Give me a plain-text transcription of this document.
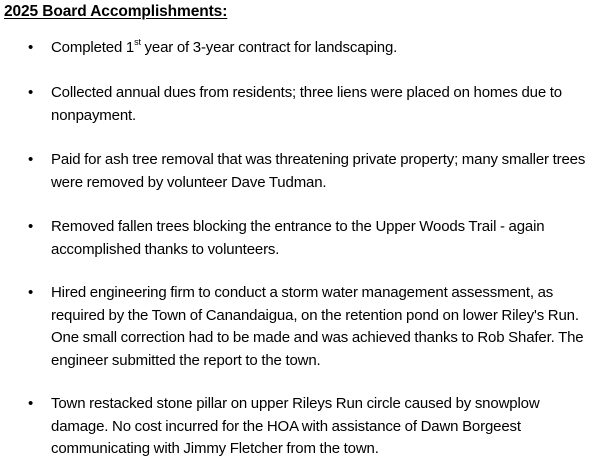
2025 Board Accomplishments:
• Completed 1st year of 3-year contract for landscaping.
• Collected annual dues from residents; three liens were placed on homes due to
nonpayment.
• Paid for ash tree removal that was threatening private property; many smaller trees
were removed by volunteer Dave Tudman.
• Removed fallen trees blocking the entrance to the Upper Woods Trail - again
accomplished thanks to volunteers.
• Hired engineering firm to conduct a storm water management assessment, as
required by the Town of Canandaigua, on the retention pond on lower Riley's Run.
One small correction had to be made and was achieved thanks to Rob Shafer. The
engineer submitted the report to the town.
• Town restacked stone pillar on upper Rileys Run circle caused by snowplow
damage. No cost incurred for the HOA with assistance of Dawn Borgeest
communicating with Jimmy Fletcher from the town.
